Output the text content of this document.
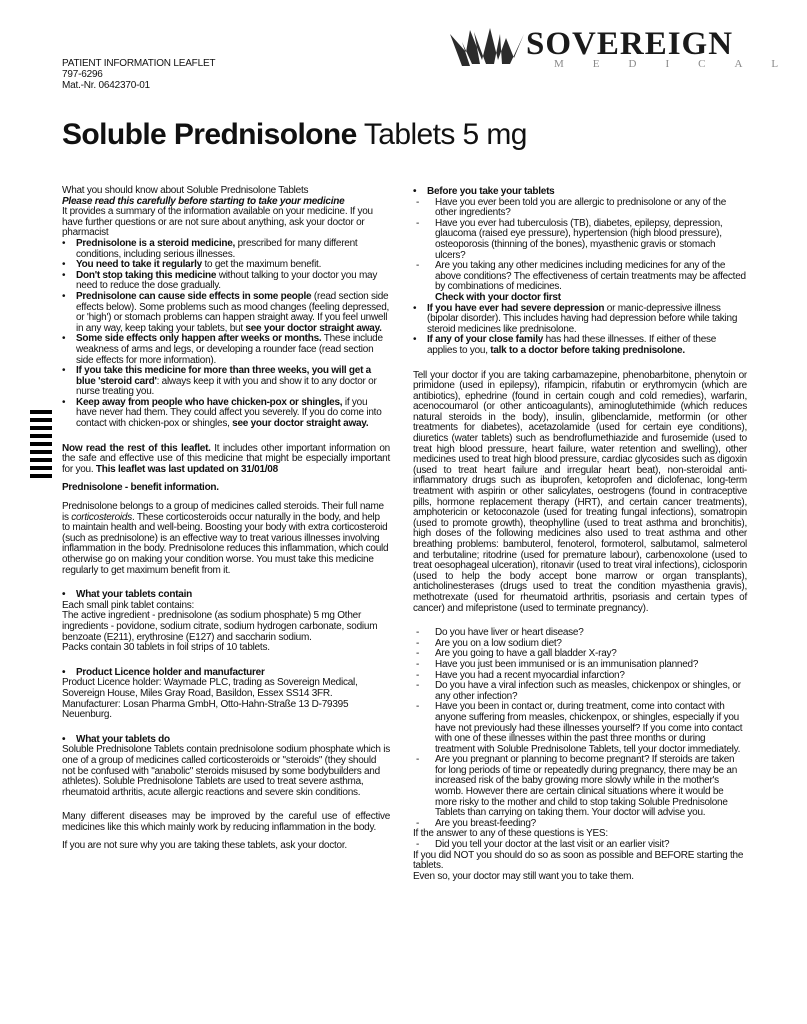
PATIENT INFORMATION LEAFLET
797-6296
Mat.-Nr. 0642370-01
SOVEREIGN
MEDICAL
Soluble Prednisolone Tablets 5 mg

What you should know about Soluble Prednisolone Tablets

Please read this carefully before starting to take your medicine

It provides a summary of the information available on your medicine. If you have further questions or are not sure about anything, ask your doctor or pharmacist

• Prednisolone is a steroid medicine, prescribed for many different conditions, including serious illnesses.

• You need to take it regularly to get the maximum benefit.

• Don't stop taking this medicine without talking to your doctor you may need to reduce the dose gradually.

• Prednisolone can cause side effects in some people (read section side effects below). Some problems such as mood changes (feeling depressed, or 'high') or stomach problems can happen straight away. If you feel unwell in any way, keep taking your tablets, but see your doctor straight away.

• Some side effects only happen after weeks or months. These include weakness of arms and legs, or developing a rounder face (read section side effects for more information).

• If you take this medicine for more than three weeks, you will get a blue 'steroid card': always keep it with you and show it to any doctor or nurse treating you.

• Keep away from people who have chicken-pox or shingles, if you have never had them. They could affect you severely. If you do come into contact with chicken-pox or shingles, see your doctor straight away.

Now read the rest of this leaflet. It includes other important information on the safe and effective use of this medicine that might be especially important for you. This leaflet was last updated on 31/01/08

Prednisolone - benefit information.

Prednisolone belongs to a group of medicines called steroids. Their full name is corticosteroids. These corticosteroids occur naturally in the body, and help to maintain health and well-being. Boosting your body with extra corticosteroid (such as prednisolone) is an effective way to treat various illnesses involving inflammation in the body. Prednisolone reduces this inflammation, which could otherwise go on making your condition worse. You must take this medicine regularly to get maximum benefit from it.

• What your tablets contain

Each small pink tablet contains:
The active ingredient - prednisolone (as sodium phosphate) 5 mg Other ingredients - povidone, sodium citrate, sodium hydrogen carbonate, sodium benzoate (E211), erythrosine (E127) and saccharin sodium.
Packs contain 30 tablets in foil strips of 10 tablets.

• Product Licence holder and manufacturer

Product Licence holder: Waymade PLC, trading as Sovereign Medical, Sovereign House, Miles Gray Road, Basildon, Essex SS14 3FR.
Manufacturer: Losan Pharma GmbH, Otto-Hahn-Straße 13 D-79395 Neuenburg.

• What your tablets do

Soluble Prednisolone Tablets contain prednisolone sodium phosphate which is one of a group of medicines called corticosteroids or "steroids" (they should not be confused with "anabolic" steroids misused by some bodybuilders and athletes). Soluble Prednisolone Tablets are used to treat severe asthma, rheumatoid arthritis, acute allergic reactions and severe skin conditions.

Many different diseases may be improved by the careful use of effective medicines like this which mainly work by reducing inflammation in the body.

If you are not sure why you are taking these tablets, ask your doctor.

• Before you take your tablets

- Have you ever been told you are allergic to prednisolone or any of the other ingredients?

- Have you ever had tuberculosis (TB), diabetes, epilepsy, depression, glaucoma (raised eye pressure), hypertension (high blood pressure), osteoporosis (thinning of the bones), myasthenic gravis or stomach ulcers?

- Are you taking any other medicines including medicines for any of the above conditions? The effectiveness of certain treatments may be affected by combinations of medicines.

Check with your doctor first

• If you have ever had severe depression or manic-depressive illness (bipolar disorder). This includes having had depression before while taking steroid medicines like prednisolone.

• If any of your close family has had these illnesses. If either of these applies to you, talk to a doctor before taking prednisolone.

Tell your doctor if you are taking carbamazepine, phenobarbitone, phenytoin or primidone (used in epilepsy), rifampicin, rifabutin or erythromycin (which are antibiotics), ephedrine (found in certain cough and cold remedies), warfarin, acenocoumarol (or other anticoagulants), aminoglutethimide (which reduces natural steroids in the body), insulin, glibenclamide, metformin (or other treatments for diabetes), acetazolamide (used for certain eye conditions), diuretics (water tablets) such as bendroflumethiazide and furosemide (used to treat high blood pressure, heart failure, water retention and swelling), other medicines used to treat high blood pressure, cardiac glycosides such as digoxin (used to treat heart failure and irregular heart beat), non-steroidal anti-inflammatory drugs such as ibuprofen, ketoprofen and diclofenac, long-term treatment with aspirin or other salicylates, oestrogens (found in contraceptive pills, hormone replacement therapy (HRT), and certain cancer treatments), amphotericin or ketoconazole (used for treating fungal infections), somatropin (used to promote growth), theophylline (used to treat asthma and bronchitis), high doses of the following medicines also used to treat asthma and other breathing problems: bambuterol, fenoterol, formoterol, salbutamol, salmeterol and terbutaline; ritodrine (used for premature labour), carbenoxolone (used to treat oesophageal ulceration), ritonavir (used to treat viral infections), ciclosporin (used to help the body accept bone marrow or organ transplants), anticholinesterases (drugs used to treat the condition myasthenia gravis), methotrexate (used for rheumatoid arthritis, psoriasis and certain types of cancer) and mifepristone (used to terminate pregnancy).

- Do you have liver or heart disease?

- Are you on a low sodium diet?

- Are you going to have a gall bladder X-ray?

- Have you just been immunised or is an immunisation planned?

- Have you had a recent myocardial infarction?

- Do you have a viral infection such as measles, chickenpox or shingles, or any other infection?

- Have you been in contact or, during treatment, come into contact with anyone suffering from measles, chickenpox, or shingles, especially if you have not previously had these illnesses yourself? If you come into contact with one of these illnesses within the past three months or during treatment with Soluble Prednisolone Tablets, tell your doctor immediately.

- Are you pregnant or planning to become pregnant? If steroids are taken for long periods of time or repeatedly during pregnancy, there may be an increased risk of the baby growing more slowly while in the mother's womb. However there are certain clinical situations where it would be more risky to the mother and child to stop taking Soluble Prednisolone Tablets than carrying on taking them. Your doctor will advise you.

- Are you breast-feeding?

If the answer to any of these questions is YES:

- Did you tell your doctor at the last visit or an earlier visit?

If you did NOT you should do so as soon as possible and BEFORE starting the tablets.

Even so, your doctor may still want you to take them.
